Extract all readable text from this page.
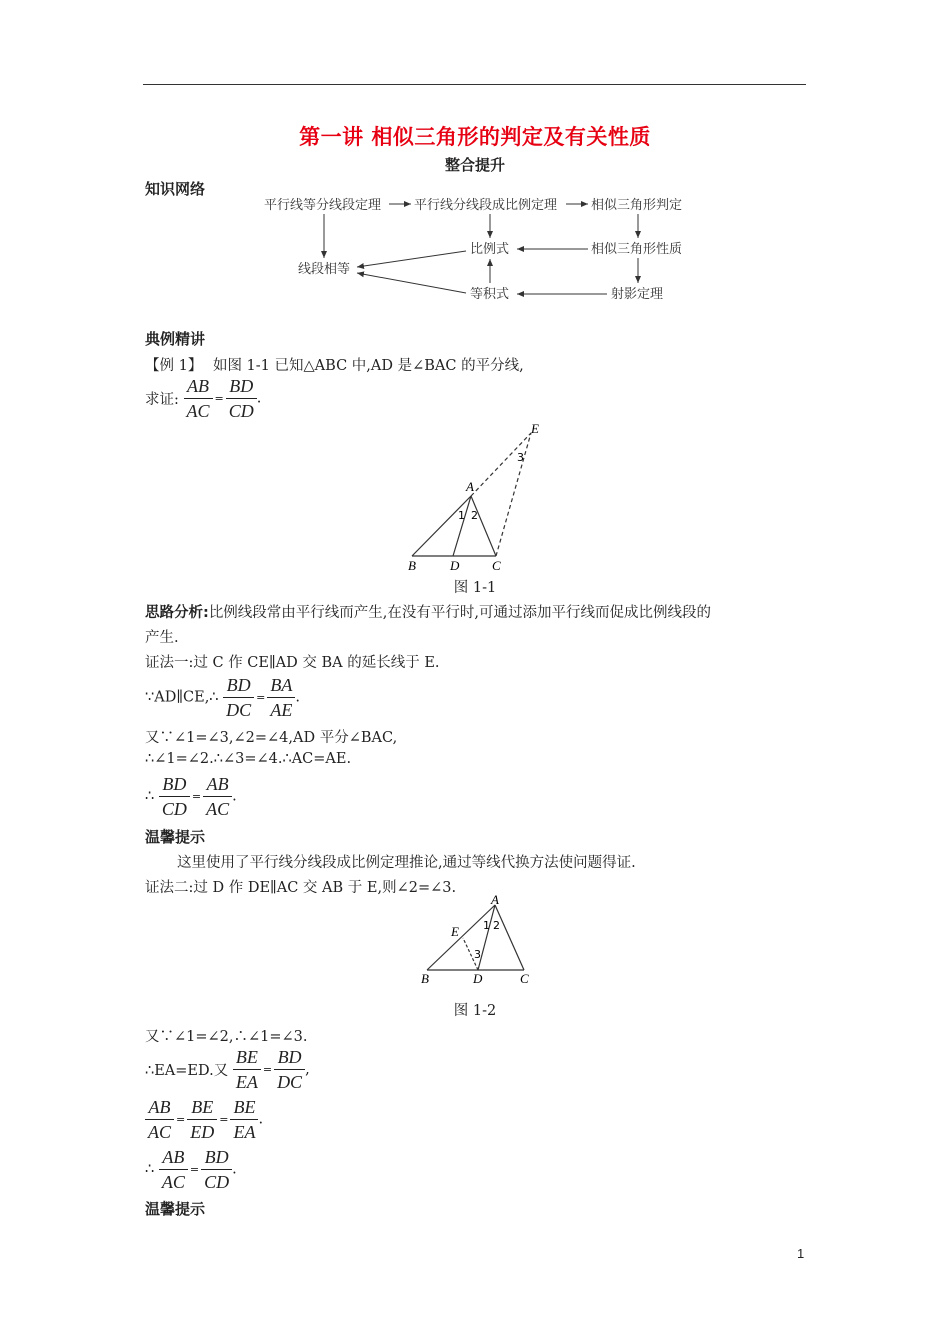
第一讲 相似三角形的判定及有关性质
整合提升
知识网络
平行线等分线段定理	平行线分线段成比例定理	相似三角形判定
比例式	相似三角形性质
线段相等
等积式	射影定理
典例精讲
【例 1】 如图 1-1 已知△ABC 中,AD 是∠BAC 的平分线,
求证: $\frac{AB}{AC} = \frac{BD}{CD}$ .
A
B	D	C
E
1 2
3
图 1-1
思路分析:比例线段常由平行线而产生,在没有平行时,可通过添加平行线而促成比例线段的
产生.
证法一:过 C 作 CE∥AD 交 BA 的延长线于 E.
∵AD∥CE,∴ $\frac{BD}{DC} = \frac{BA}{AE}$ .
又∵∠1=∠3,∠2=∠4,AD 平分∠BAC,
∴∠1=∠2.∴∠3=∠4.∴AC=AE.
∴ $\frac{BD}{CD} = \frac{AB}{AC}$ .
温馨提示
这里使用了平行线分线段成比例定理推论,通过等线代换方法使问题得证.
证法二:过 D 作 DE∥AC 交 AB 于 E,则∠2=∠3.
A
B	D	C
E 1 2
3
图 1-2
又∵∠1=∠2,∴∠1=∠3.
∴EA=ED.又 $\frac{BE}{EA} = \frac{BD}{DC}$ ,
$\frac{AB}{AC} = \frac{BE}{ED} = \frac{BE}{EA}$ .
∴ $\frac{AB}{AC} = \frac{BD}{CD}$ .
温馨提示
1
